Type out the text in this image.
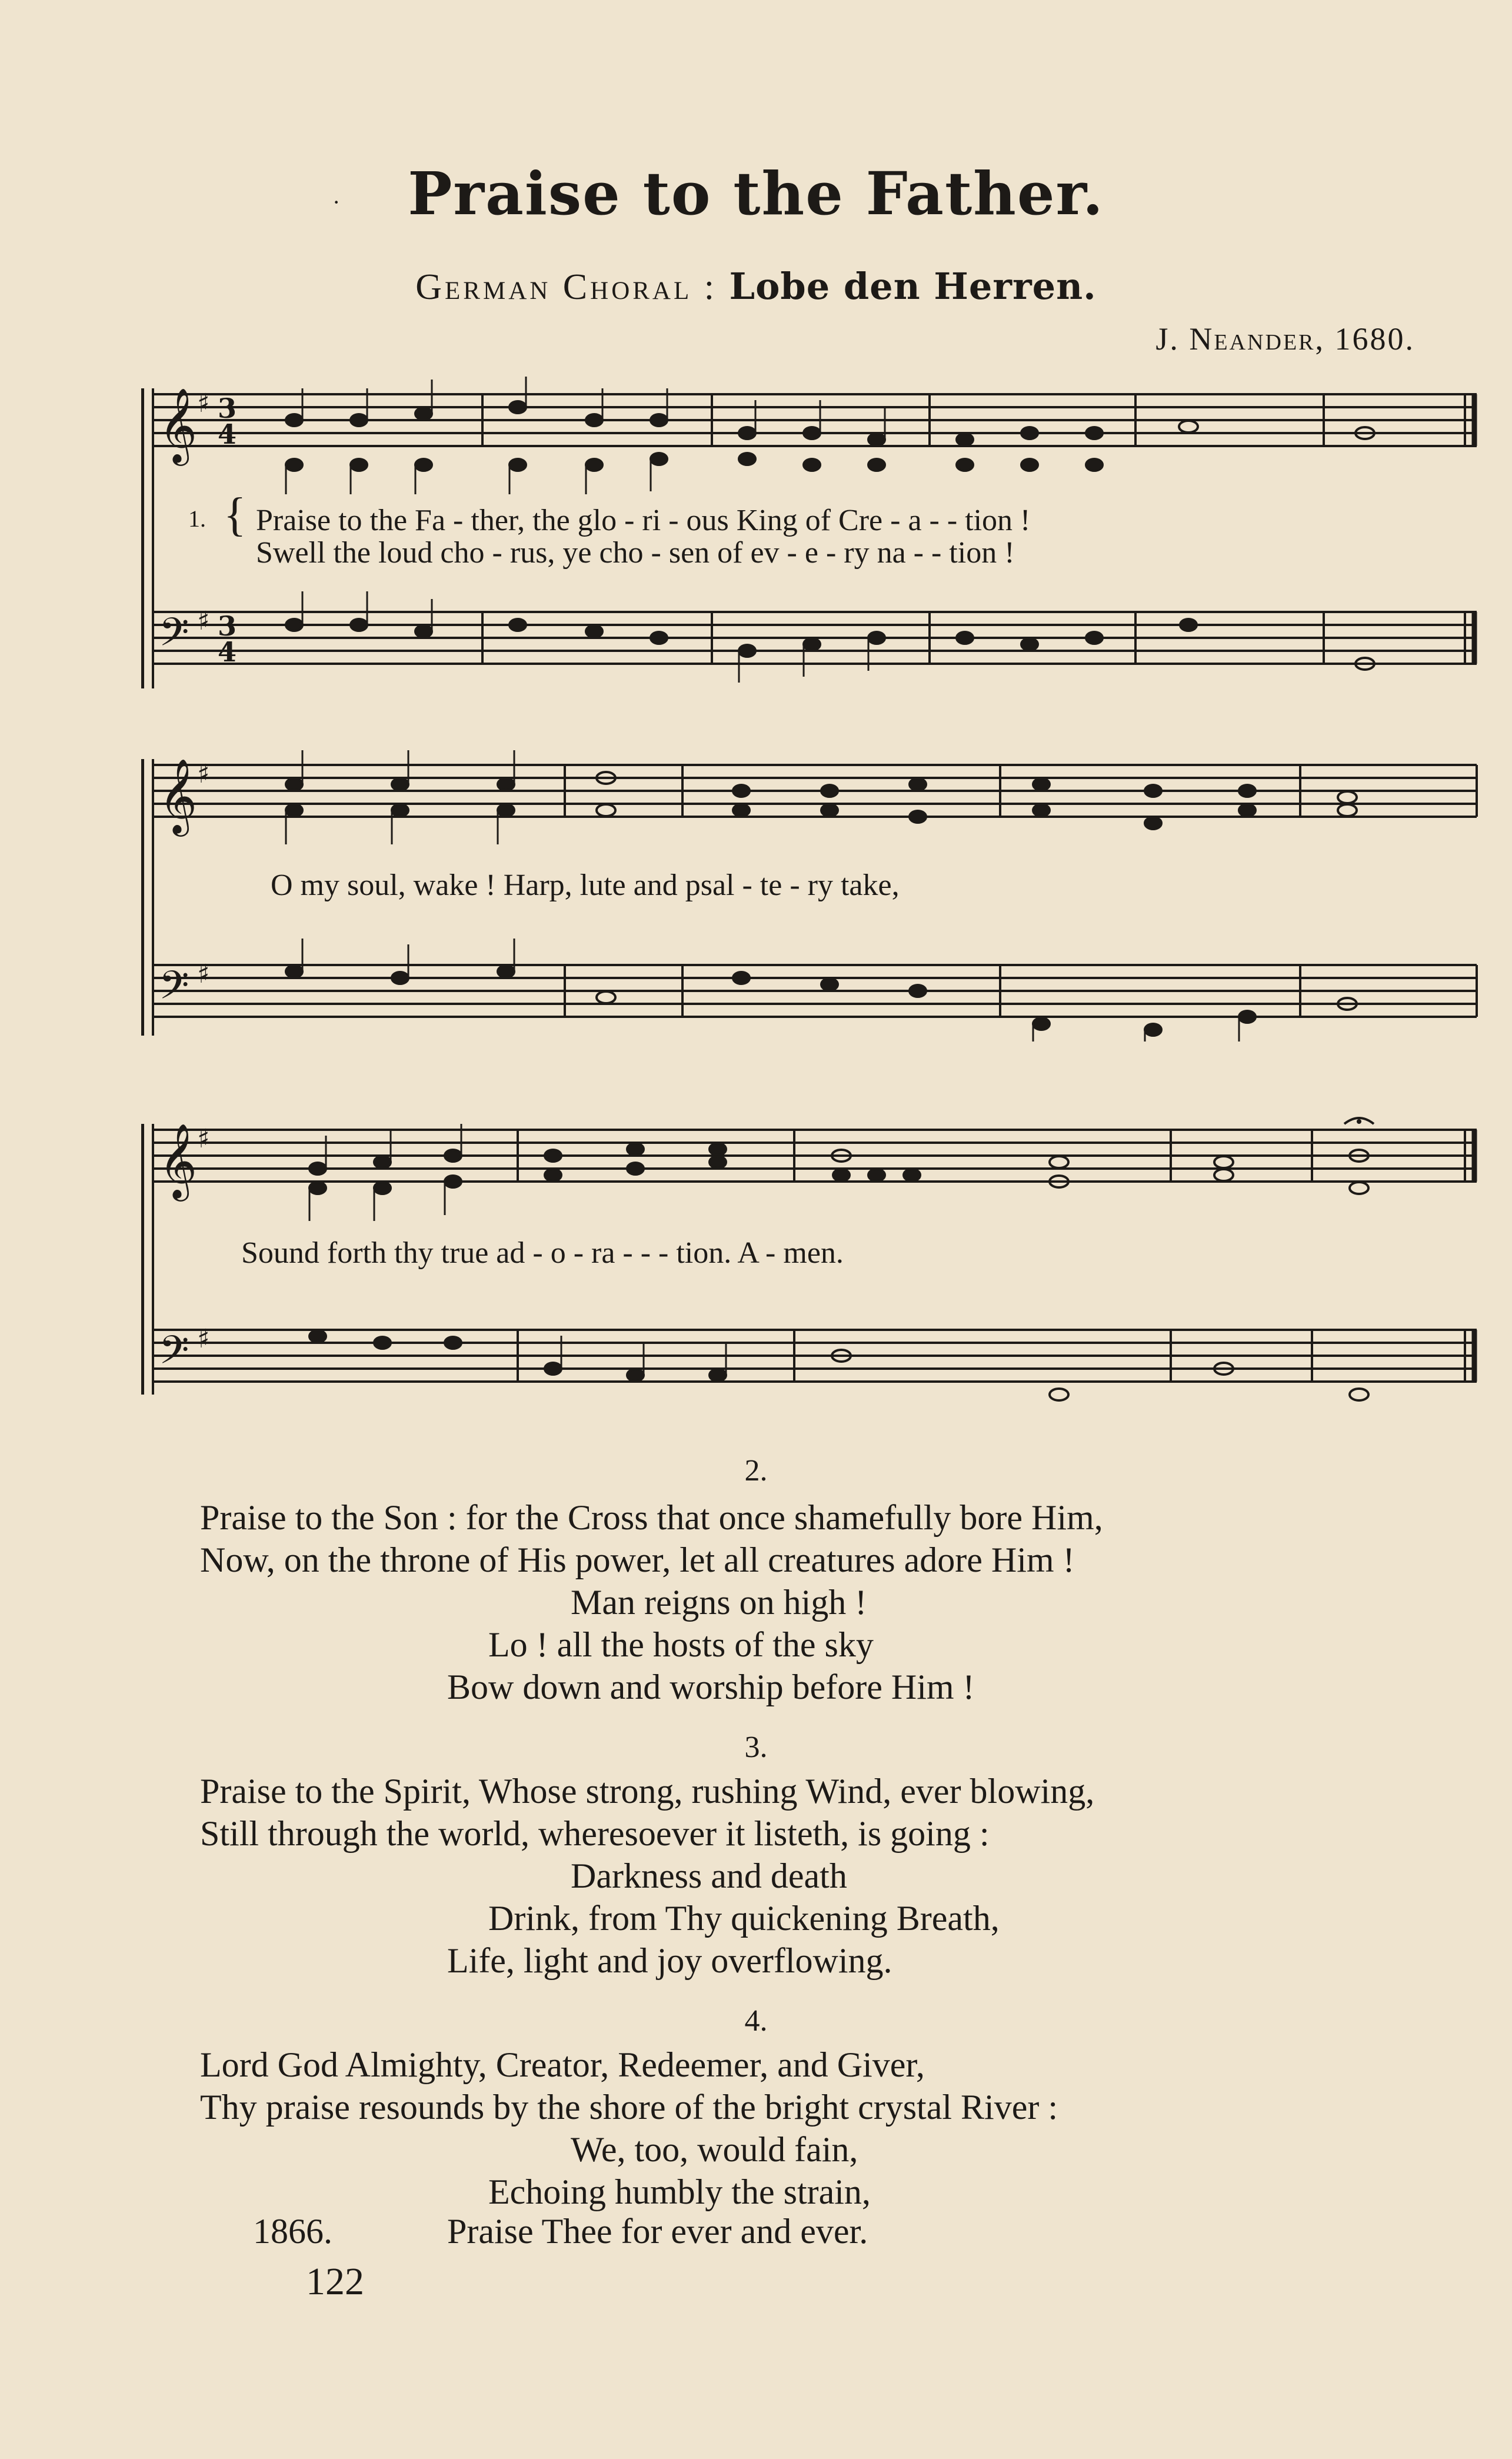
·	Praise to the Father.
German Choral : Lobe den Herren.
J. Neander, 1680.
𝄞 ♯ 3
4
𝄢 ♯ 3
4
1. { Praise to the Fa - ther, the glo - ri - ous King of Cre - a - - tion !
Swell the loud cho - rus, ye cho - sen of ev - e - ry na - - tion !
𝄞 ♯
𝄢 ♯
O my soul, wake ! Harp, lute and psal - te - ry take,
𝄞 ♯
𝄢 ♯
Sound forth thy true ad - o - ra - - - tion. A - men.
2.
Praise to the Son : for the Cross that once shamefully bore Him,
Now, on the throne of His power, let all creatures adore Him !
Man reigns on high !
Lo ! all the hosts of the sky
Bow down and worship before Him !
3.
Praise to the Spirit, Whose strong, rushing Wind, ever blowing,
Still through the world, wheresoever it listeth, is going :
Darkness and death
Drink, from Thy quickening Breath,
Life, light and joy overflowing.
4.
Lord God Almighty, Creator, Redeemer, and Giver,
Thy praise resounds by the shore of the bright crystal River :
We, too, would fain,
Echoing humbly the strain,
Praise Thee for ever and ever.
1866.
122
